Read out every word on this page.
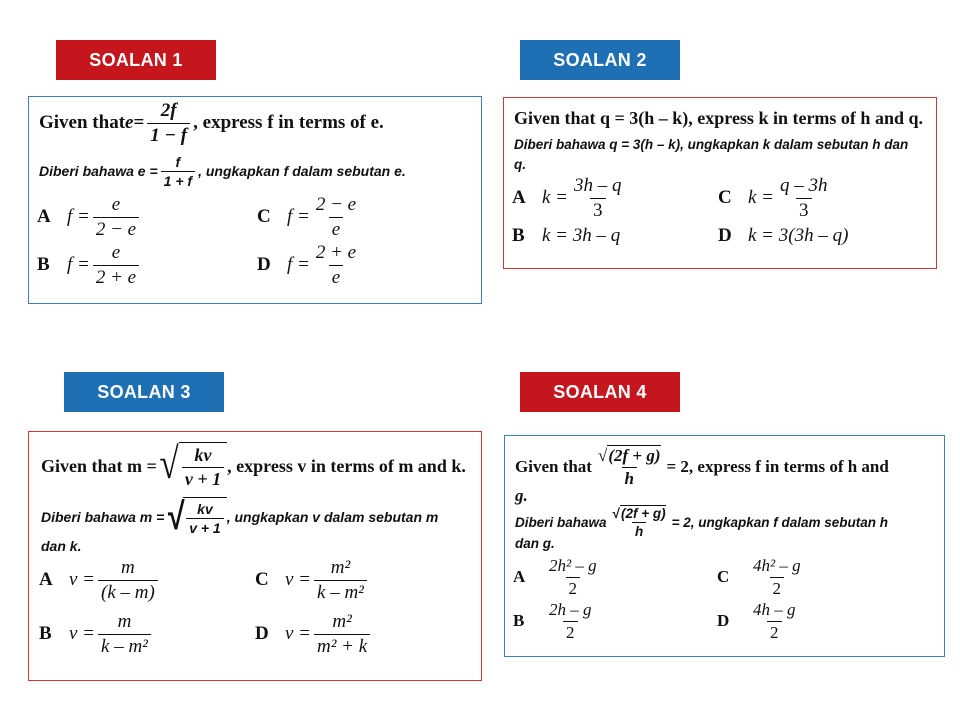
SOALAN 1	SOALAN 2
SOALAN 3	SOALAN 4
Given that $e = \frac{2f}{1 - f}$ , express f in terms of e.
Diberi bahawa $e = \frac{f}{1 + f}$ , ungkapkan f dalam sebutan e.
A $f = \frac{e}{2 - e}$
B $f = \frac{e}{2 + e}$
C $f = \frac{2 - e}{e}$
D $f = \frac{2 + e}{e}$
Given that q = 3(h – k), express k in terms of h and q.
Diberi bahawa q = 3(h – k), ungkapkan k dalam sebutan h dan
q.
A $k = \frac{3h - q}{3}$
B k = 3h – q
C $k = \frac{q - 3h}{3}$
D k = 3(3h – q)
Given that m = √ $\frac{kv}{v + 1}$ , express v in terms of m and k.
Diberi bahawa m = √ $\frac{kv}{v + 1}$ , ungkapkan v dalam sebutan m
dan k.
A $v = \frac{m}{(k - m)}$
B $v = \frac{m}{\text{k – m²}}$
C $v = \frac{\text{m²}}{\text{k – m²}}$
D $v = \frac{\text{m²}}{\text{m² + k}}$
Given that $\frac{√(2f + g)}{h} = 2$, express f in terms of h and
g.
Diberi bahawa $\frac{√(2f + g)}{h} = 2$, ungkapkan f dalam sebutan h
dan g.
A	$\frac{\text{2h² – g}}{2}$
B	$\frac{2h - g}{2}$
C	$\frac{\text{4h² – g}}{2}$
D	$\frac{4h - g}{2}$
